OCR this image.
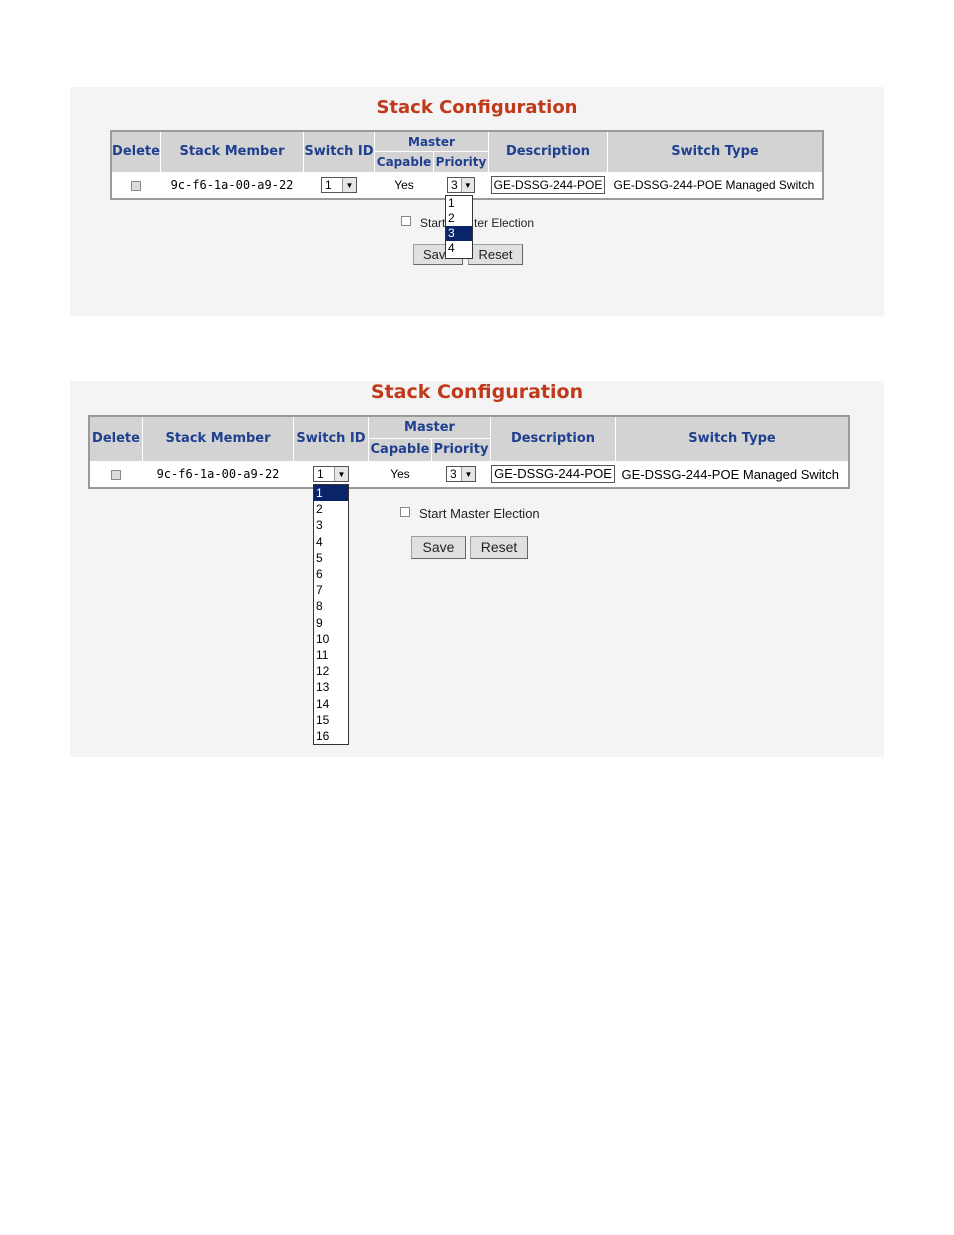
Stack Configuration
Delete	Stack Member	Switch ID	Master		Description	Switch Type
			Capable	Priority		
	9c-f6-1a-00-a9-22	1 ▼	Yes	3 ▼	GE-DSSG-244-POE	GE-DSSG-244-POE Managed Switch
Start ter Election
Sav	Reset
1
2
3
4
Stack Configuration
Delete	Stack Member	Switch ID	Master		Description	Switch Type
			Capable	Priority		
	9c-f6-1a-00-a9-22	1 ▼	Yes	3 ▼	GE-DSSG-244-POE	GE-DSSG-244-POE Managed Switch
Start Master Election
Save	Reset
1
2
3
4
5
6
7
8
9
10
11
12
13
14
15
16
